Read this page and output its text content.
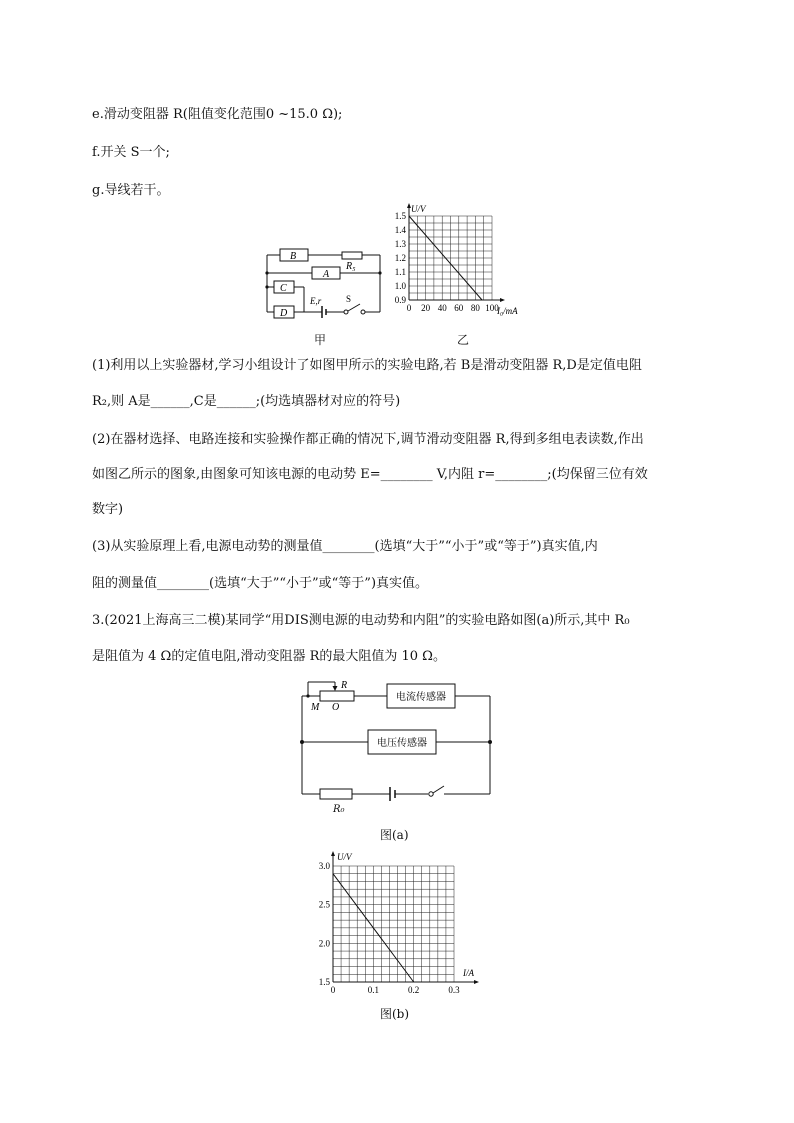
e.滑动变阻器 R(阻值变化范围0 ~15.0 Ω);
f.开关 S一个;
g.导线若干。
B
R₅
A
C
D
E,r	S
甲
0.9
1.0
1.1
1.2
1.3
1.4
1.5
0 20 40 60 80 100
U/V
I₀/mA
乙
(1)利用以上实验器材,学习小组设计了如图甲所示的实验电路,若 B是滑动变阻器 R,D是定值电阻
R₂,则 A是______,C是______;(均选填器材对应的符号)
(2)在器材选择、电路连接和实验操作都正确的情况下,调节滑动变阻器 R,得到多组电表读数,作出
如图乙所示的图象,由图象可知该电源的电动势 E=________ V,内阻 r=________;(均保留三位有效
数字)
(3)从实验原理上看,电源电动势的测量值________(选填“大于”“小于”或“等于”)真实值,内
阻的测量值________(选填“大于”“小于”或“等于”)真实值。
3.(2021上海高三二模)某同学“用DIS测电源的电动势和内阻”的实验电路如图(a)所示,其中 R₀
是阻值为 4 Ω的定值电阻,滑动变阻器 R的最大阻值为 10 Ω。
R
M O
电流传感器
电压传感器
R₀
图(a)
1.5
2.0
2.5
3.0
0	0.1	0.2	0.3
U/V
I/A
图(b)
